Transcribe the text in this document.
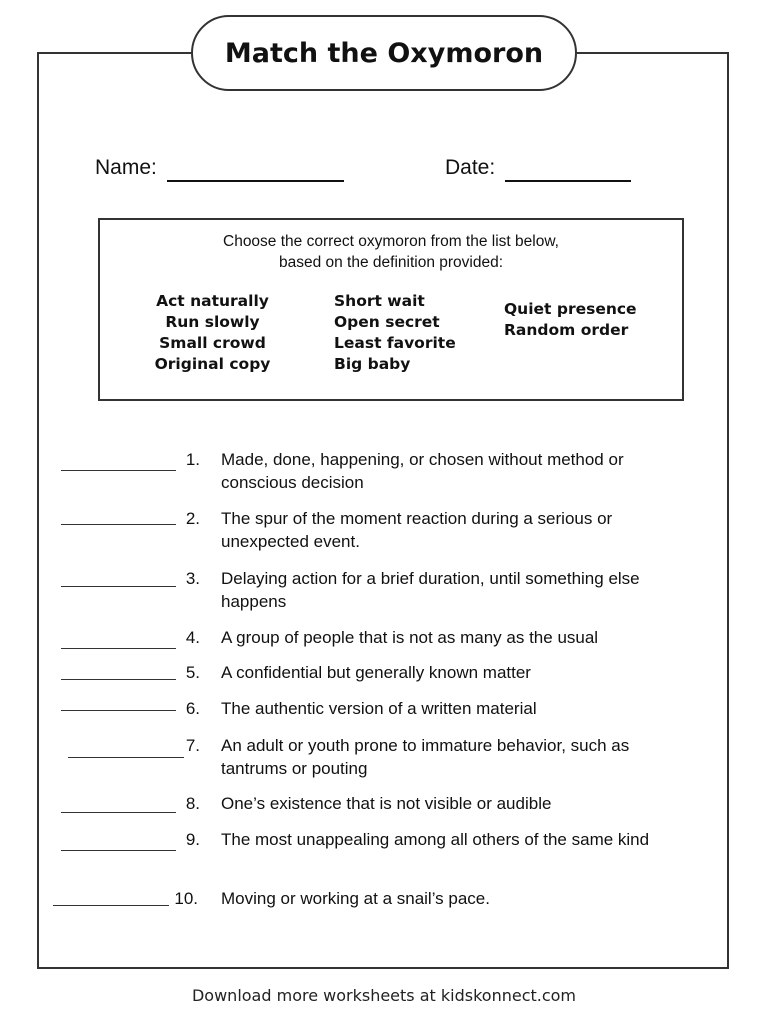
Match the Oxymoron
Name:	Date:
Choose the correct oxymoron from the list below,
based on the definition provided:
Act naturally
Run slowly
Small crowd
Original copy
Short wait
Open secret
Least favorite
Big baby
Quiet presence
Random order
1. Made, done, happening, or chosen without method or conscious decision
2. The spur of the moment reaction during a serious or unexpected event.
3. Delaying action for a brief duration, until something else happens
4. A group of people that is not as many as the usual
5. A confidential but generally known matter
6. The authentic version of a written material
7. An adult or youth prone to immature behavior, such as tantrums or pouting
8. One’s existence that is not visible or audible
9. The most unappealing among all others of the same kind
10. Moving or working at a snail’s pace.
Download more worksheets at kidskonnect.com
